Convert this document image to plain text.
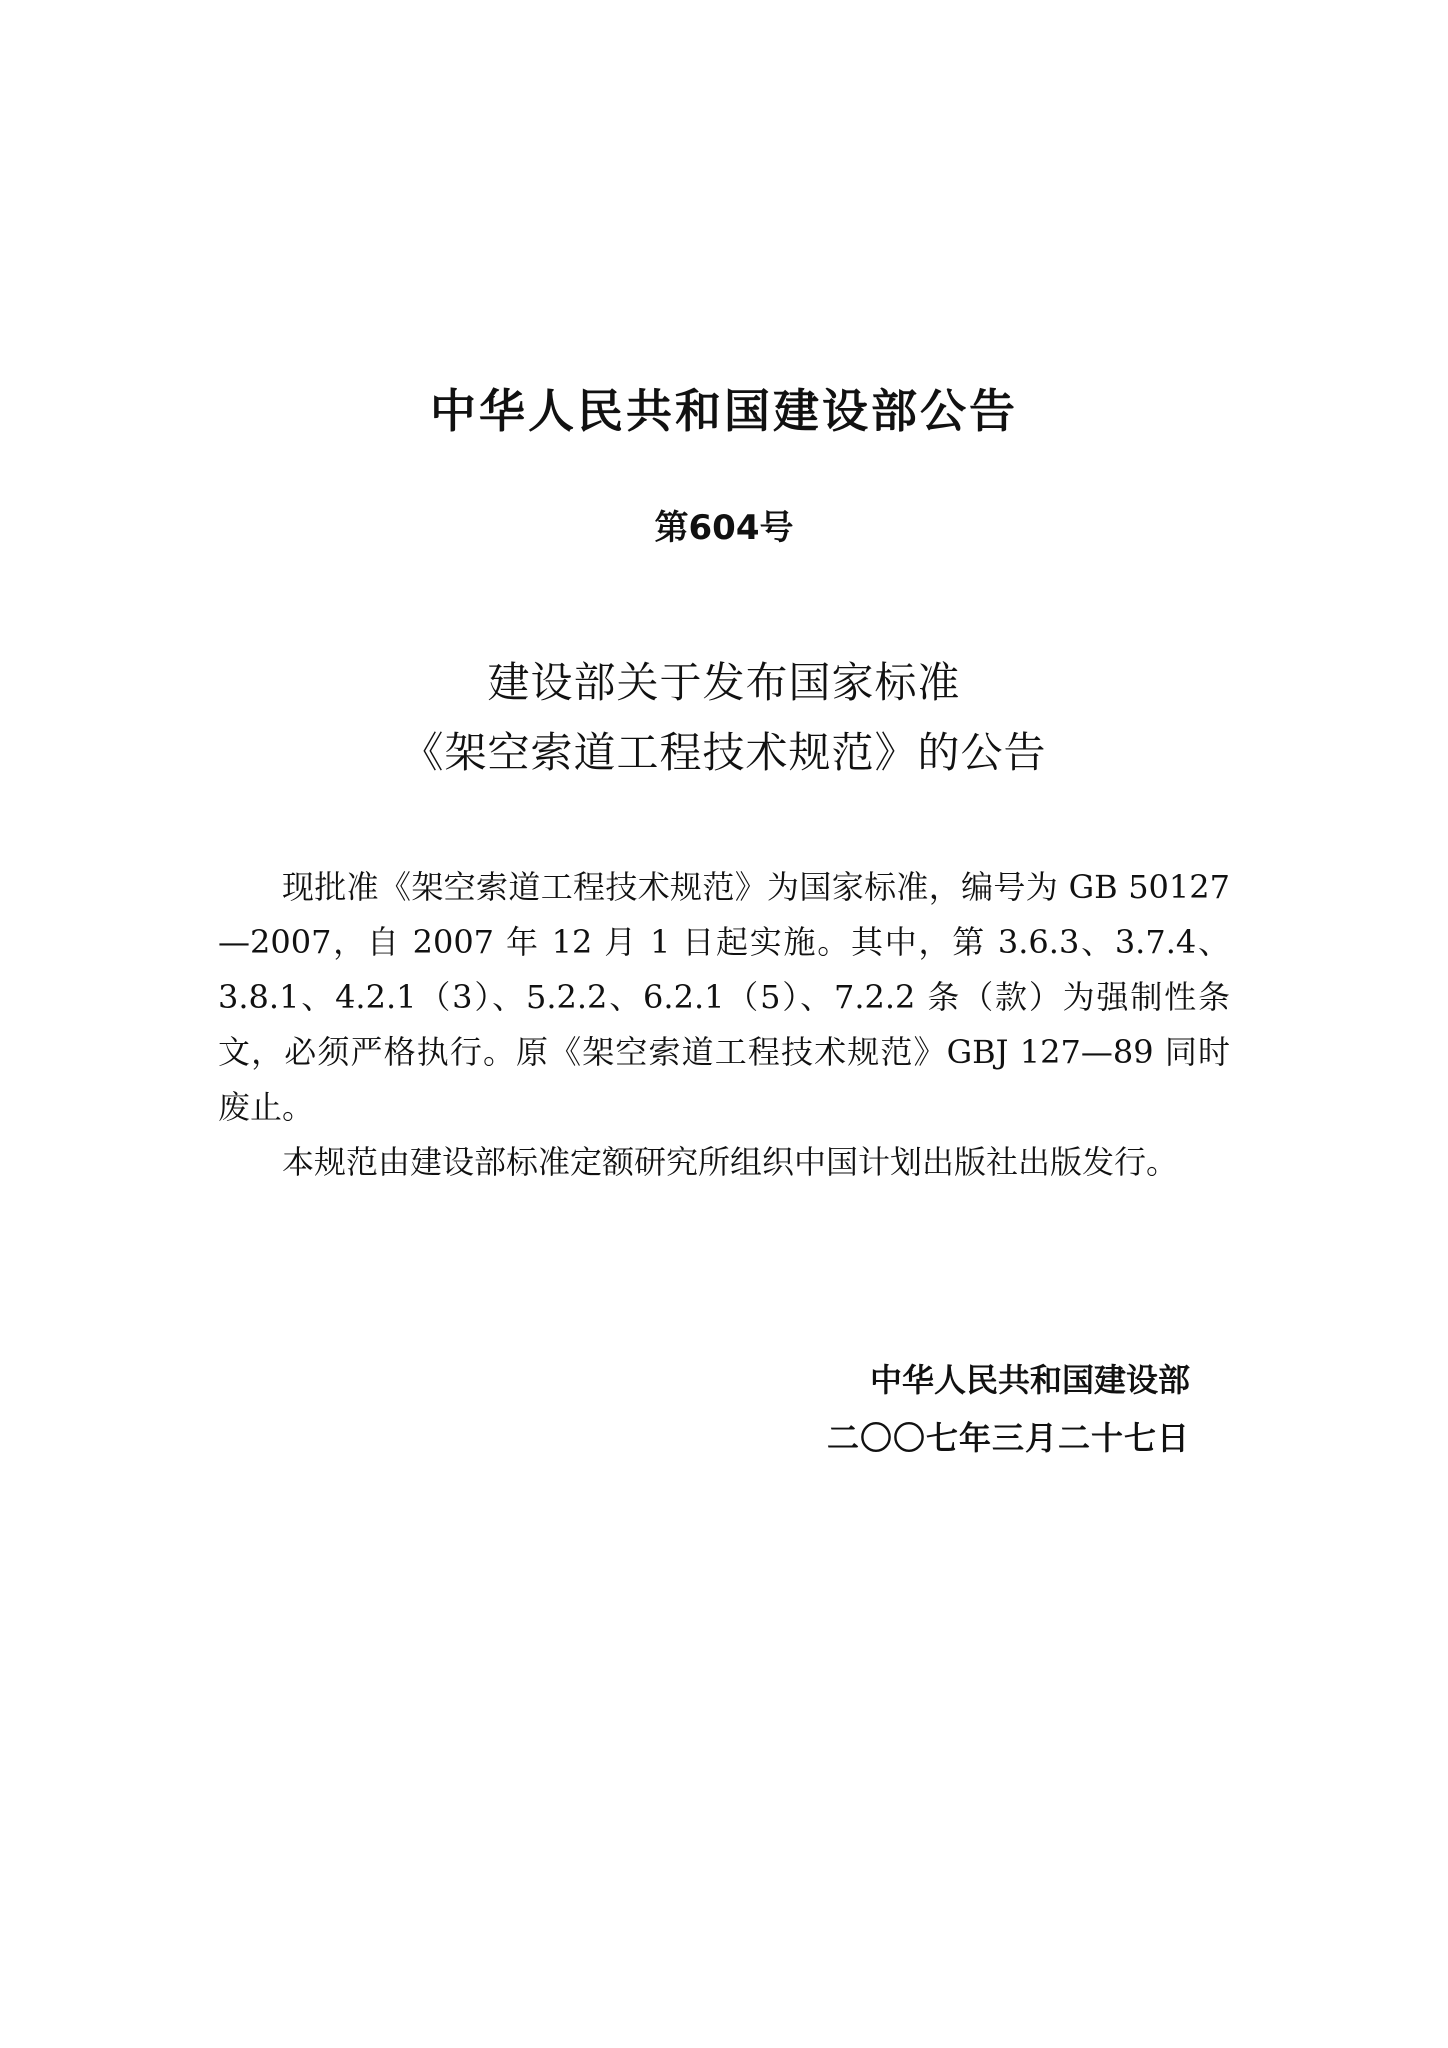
中华人民共和国建设部公告
第604号
建设部关于发布国家标准
《架空索道工程技术规范》的公告

现批准《架空索道工程技术规范》为国家标准，编号为 GB 50127—2007，自 2007 年 12 月 1 日起实施。其中，第 3.6.3、3.7.4、3.8.1、4.2.1（3）、5.2.2、6.2.1（5）、7.2.2 条（款）为强制性条文，必须严格执行。原《架空索道工程技术规范》GBJ 127—89 同时废止。

本规范由建设部标准定额研究所组织中国计划出版社出版发行。

中华人民共和国建设部
二〇〇七年三月二十七日
